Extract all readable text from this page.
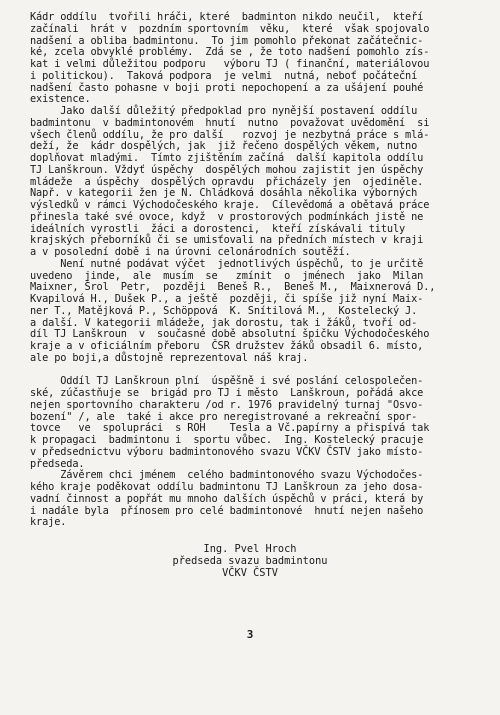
Kádr oddílu  tvořili hráči, které  badminton nikdo neučil,  kteří
začínali  hrát v  pozdním sportovním  věku,  které  však spojovalo
nadšení a obliba badmintonu.  To jim pomohlo překonat začátečnic-
ké, zcela obvyklé problémy.  Zdá se , že toto nadšení pomohlo zís-
kat i velmi důležitou podporu   výboru TJ ( finanční, materiálovou
i politickou).  Taková podpora  je velmi  nutná, neboť počáteční
nadšení často pohasne v boji proti nepochopení a za ušájení pouhé
existence.

Jako další důležitý předpoklad pro nynější postavení oddílu
badmintonu  v badmintonovém  hnutí  nutno  považovat uvědomění  si
všech členů oddílu, že pro další   rozvoj je nezbytná práce s mlá-
deží, že  kádr dospělých, jak  již řečeno dospělých věkem, nutno
doplňovat mladými.  Tímto zjištěním začíná  další kapitola oddílu
TJ Lanškroun. Vždyť úspěchy  dospělých mohou zajistit jen úspěchy
mládeže  a úspěchy  dospělých opravdu  přicházely jen  ojediněle.
Např. v kategorii žen je N. Chládková dosáhla několika výborných
výsledků v rámci Východočeského kraje.  Cílevědomá a obětavá práce
přinesla také své ovoce, když  v prostorových podmínkách jistě ne
ideálních vyrostli  žáci a dorostenci,  kteří získávali tituly
krajských přeborníků či se umisťovali na předních místech v kraji
a v posolední době i na úrovni celonárodních soutěží.

Není nutné podávat výčet  jednotlivých úspěchů, to je určitě
uvedeno  jinde,  ale  musím  se   zmínit  o  jménech  jako  Milan
Maixner, Šrol  Petr,  později  Beneš R.,  Beneš M.,  Maixnerová D.,
Kvapilová H., Dušek P., a ještě  později, či spíše již nyní Maix-
ner T., Matějková P., Schöppová  K. Snítilová M.,  Kostelecký J.
a další. V kategorii mládeže, jak dorostu, tak i žáků, tvoří od-
díl TJ Lanškroun  v  současné době absolutní špičku Východočeského
kraje a v oficiálním přeboru  ČSR družstev žáků obsadil 6. místo,
ale po boji,a důstojně reprezentoval náš kraj.

Oddíl TJ Lanškroun plní  úspěšně i své poslání celospolečen-
ské, zúčastňuje se  brigád pro TJ i město  Lanškroun, pořádá akce
nejen sportovního charakteru /od r. 1976 pravidelný turnaj "Osvo-
bození" /, ale  také i akce pro neregistrované a rekreační spor-
tovce   ve  spolupráci  s ROH    Tesla a Vč.papírny a přispívá tak
k propagaci  badmintonu i  sportu vůbec.  Ing. Kostelecký pracuje
v předsednictvu výboru badmintonového svazu VČKV ČSTV jako místo-
předseda.

Závěrem chci jménem  celého badmintonového svazu Východočes-
kého kraje poděkovat oddílu badmintonu TJ Lanškroun za jeho dosa-
vadní činnost a popřát mu mnoho dalších úspěchů v práci, která by
i nadále byla  přínosem pro celé badmintonové  hnutí nejen našeho
kraje.

Ing. Pvel Hroch
předseda svazu badmintonu
VČKV ČSTV
3
